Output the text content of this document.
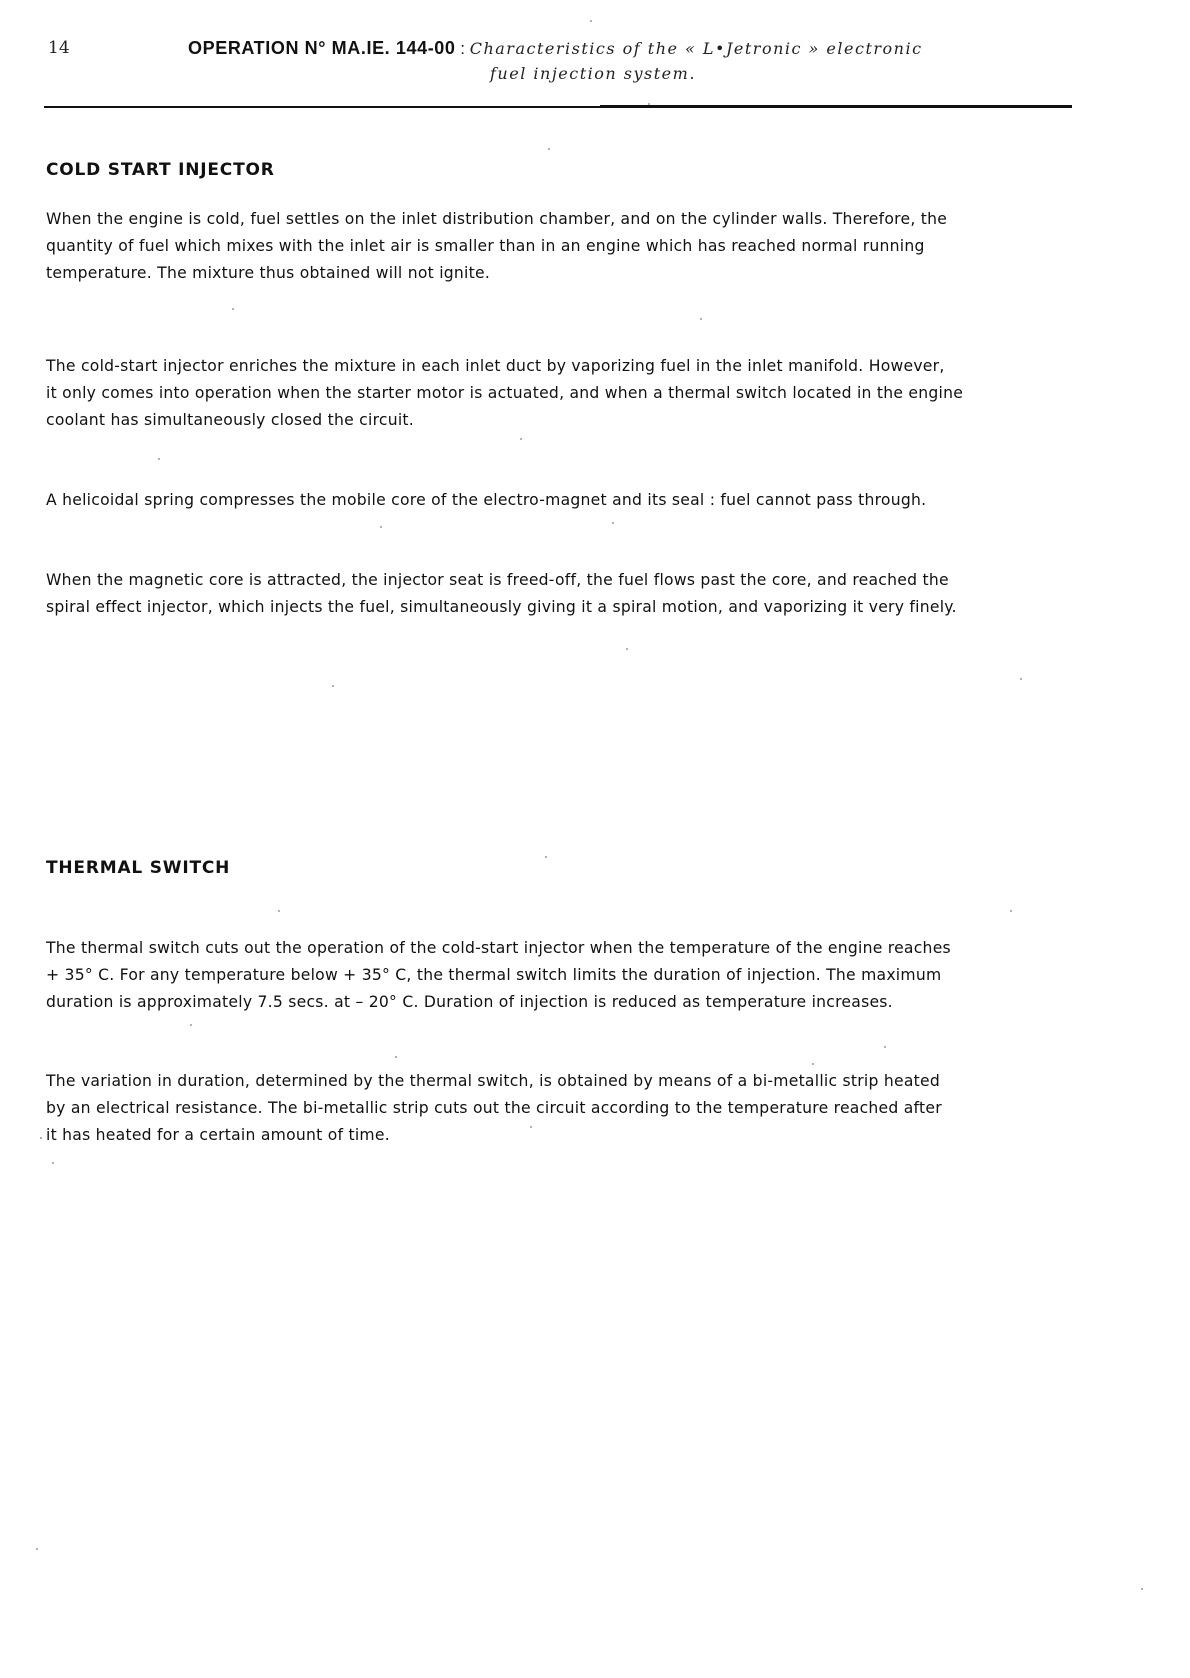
14	OPERATION N° MA.IE. 144-00 : Characteristics of the « L•Jetronic » electronic
fuel injection system.
COLD START INJECTOR

When the engine is cold, fuel settles on the inlet distribution chamber, and on the cylinder walls. Therefore, the
quantity of fuel which mixes with the inlet air is smaller than in an engine which has reached normal running
temperature. The mixture thus obtained will not ignite.

The cold-start injector enriches the mixture in each inlet duct by vaporizing fuel in the inlet manifold. However,
it only comes into operation when the starter motor is actuated, and when a thermal switch located in the engine
coolant has simultaneously closed the circuit.

A helicoidal spring compresses the mobile core of the electro-magnet and its seal : fuel cannot pass through.

When the magnetic core is attracted, the injector seat is freed-off, the fuel flows past the core, and reached the
spiral effect injector, which injects the fuel, simultaneously giving it a spiral motion, and vaporizing it very finely.

THERMAL SWITCH

The thermal switch cuts out the operation of the cold-start injector when the temperature of the engine reaches
+ 35° C. For any temperature below + 35° C, the thermal switch limits the duration of injection. The maximum
duration is approximately 7.5 secs. at – 20° C. Duration of injection is reduced as temperature increases.

The variation in duration, determined by the thermal switch, is obtained by means of a bi-metallic strip heated
by an electrical resistance. The bi-metallic strip cuts out the circuit according to the temperature reached after
it has heated for a certain amount of time.
